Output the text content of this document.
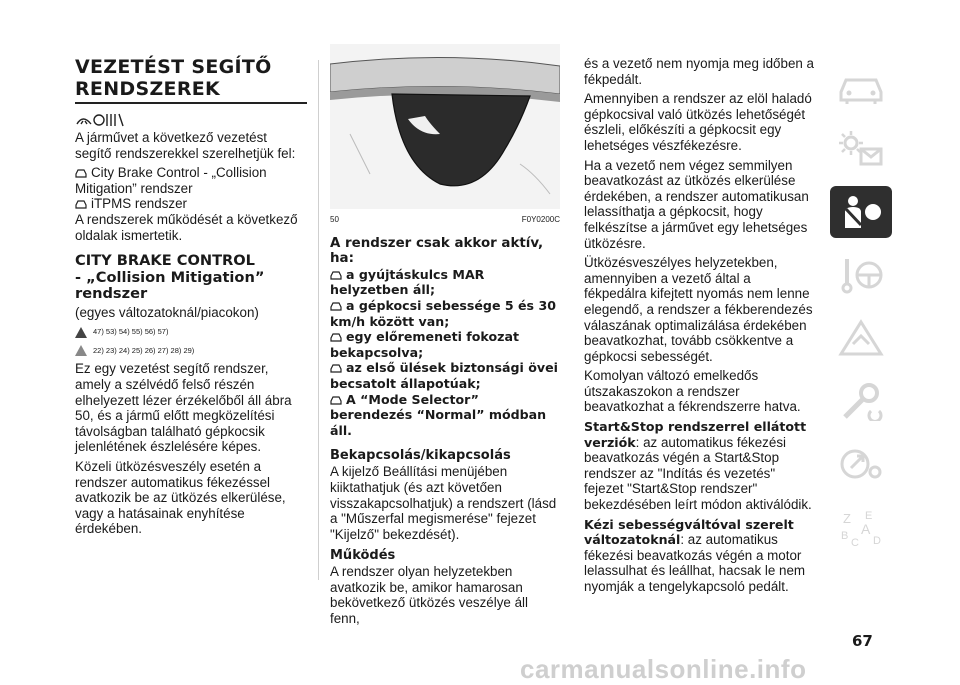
VEZETÉST SEGÍTŐ
RENDSZEREK

A járművet a következő vezetést segítő rendszerekkel szerelhetjük fel:

City Brake Control - „Collision Mitigation” rendszer

iTPMS rendszer

A rendszerek működését a következő oldalak ismertetik.

CITY BRAKE CONTROL
- „Collision Mitigation”
rendszer

(egyes változatoknál/piacokon)

47) 53) 54) 55) 56) 57)
22) 23) 24) 25) 26) 27) 28) 29)

Ez egy vezetést segítő rendszer, amely a szélvédő felső részén elhelyezett lézer érzékelőből áll ábra 50, és a jármű előtt megközelítési távolságban található gépkocsik jelenlétének észlelésére képes.

Közeli ütközésveszély esetén a rendszer automatikus fékezéssel avatkozik be az ütközés elkerülése, vagy a hatásainak enyhítése érdekében.

50	F0Y0200C
A rendszer csak akkor aktív, ha:
a gyújtáskulcs MAR helyzetben áll;
a gépkocsi sebessége 5 és 30 km/h között van;
egy előremeneti fokozat bekapcsolva;
az első ülések biztonsági övei becsatolt állapotúak;
A “Mode Selector” berendezés “Normal” módban áll.
Bekapcsolás/kikapcsolás

A kijelző Beállítási menüjében kiiktathatjuk (és azt követően visszakapcsolhatjuk) a rendszert (lásd a "Műszerfal megismerése" fejezet "Kijelző" bekezdését).

Működés

A rendszer olyan helyzetekben avatkozik be, amikor hamarosan bekövetkező ütközés veszélye áll fenn,

és a vezető nem nyomja meg időben a fékpedált.

Amennyiben a rendszer az elöl haladó gépkocsival való ütközés lehetőségét észleli, előkészíti a gépkocsit egy lehetséges vészfékezésre.

Ha a vezető nem végez semmilyen beavatkozást az ütközés elkerülése érdekében, a rendszer automatikusan lelassíthatja a gépkocsit, hogy felkészítse a járművet egy lehetséges ütközésre.

Ütközésveszélyes helyzetekben, amennyiben a vezető által a fékpedálra kifejtett nyomás nem lenne elegendő, a rendszer a fékberendezés válaszának optimalizálása érdekében beavatkozhat, tovább csökkentve a gépkocsi sebességét.

Komolyan változó emelkedős útszakaszokon a rendszer beavatkozhat a fékrendszerre hatva.

Start&Stop rendszerrel ellátott verziók: az automatikus fékezési beavatkozás végén a Start&Stop rendszer az "Indítás és vezetés" fejezet "Start&Stop rendszer" bekezdésében leírt módon aktiválódik.

Kézi sebességváltóval szerelt változatoknál: az automatikus fékezési beavatkozás végén a motor lelassulhat és leállhat, hacsak le nem nyomják a tengelykapcsoló pedált.

Z E
B A
C D
67
carmanualsonline.info
